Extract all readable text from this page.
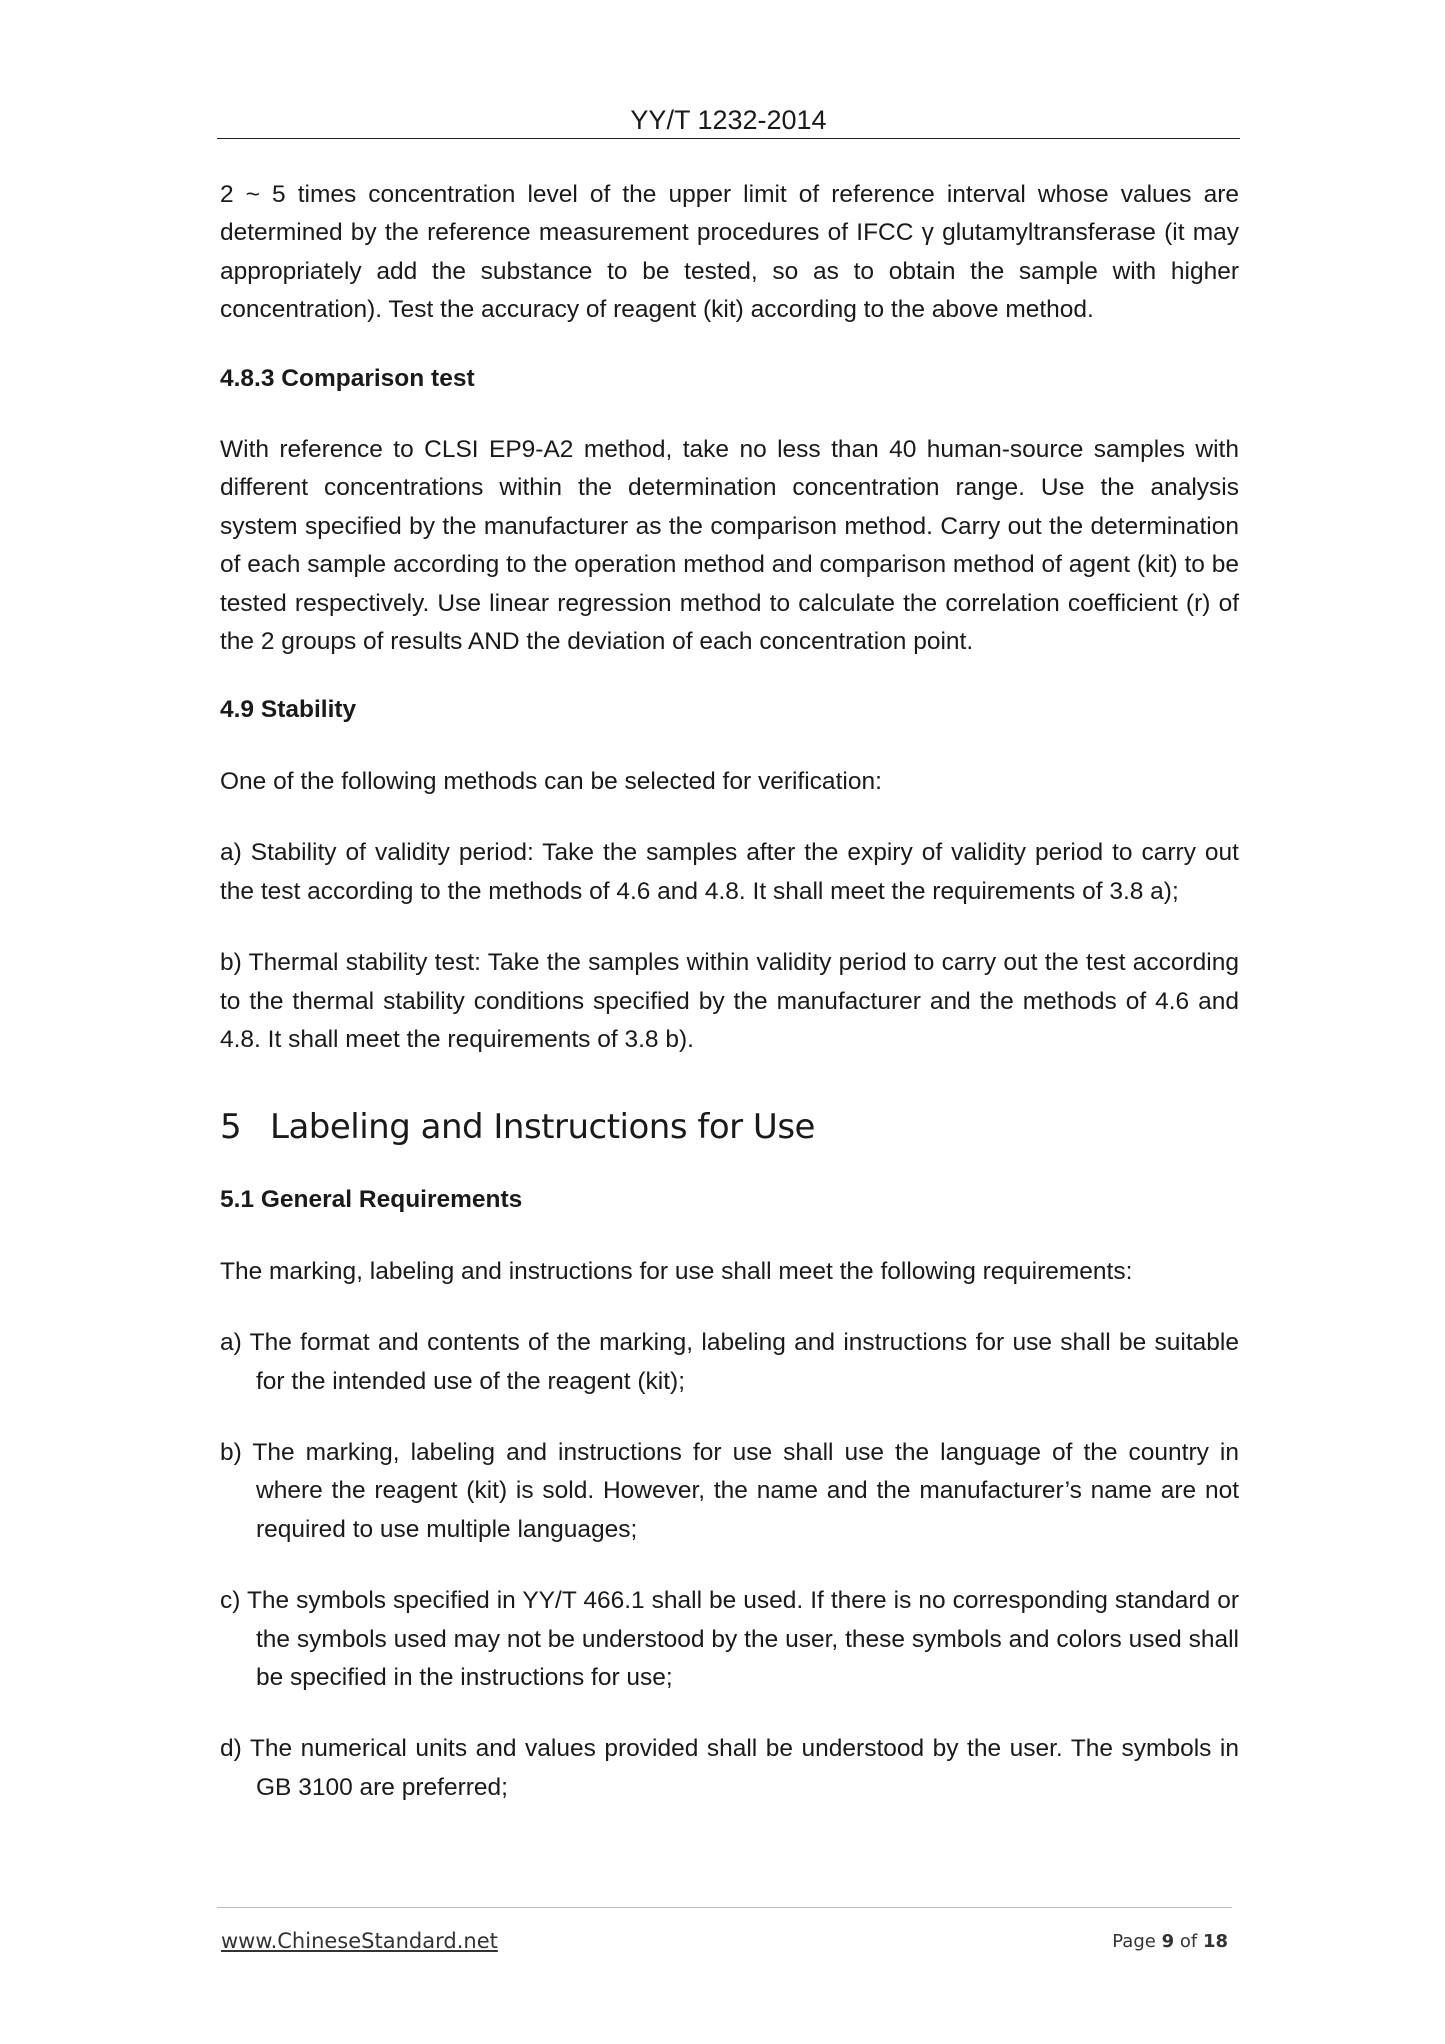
YY/T 1232-2014

2 ~ 5 times concentration level of the upper limit of reference interval whose values are determined by the reference measurement procedures of IFCC γ glutamyltransferase (it may appropriately add the substance to be tested, so as to obtain the sample with higher concentration). Test the accuracy of reagent (kit) according to the above method.

4.8.3 Comparison test

With reference to CLSI EP9-A2 method, take no less than 40 human-source samples with different concentrations within the determination concentration range. Use the analysis system specified by the manufacturer as the comparison method. Carry out the determination of each sample according to the operation method and comparison method of agent (kit) to be tested respectively. Use linear regression method to calculate the correlation coefficient (r) of the 2 groups of results AND the deviation of each concentration point.

4.9 Stability

One of the following methods can be selected for verification:

a) Stability of validity period: Take the samples after the expiry of validity period to carry out the test according to the methods of 4.6 and 4.8. It shall meet the requirements of 3.8 a);

b) Thermal stability test: Take the samples within validity period to carry out the test according to the thermal stability conditions specified by the manufacturer and the methods of 4.6 and 4.8. It shall meet the requirements of 3.8 b).

5 Labeling and Instructions for Use
5.1 General Requirements

The marking, labeling and instructions for use shall meet the following requirements:

a) The format and contents of the marking, labeling and instructions for use shall be suitable for the intended use of the reagent (kit);

b) The marking, labeling and instructions for use shall use the language of the country in where the reagent (kit) is sold. However, the name and the manufacturer’s name are not required to use multiple languages;

c) The symbols specified in YY/T 466.1 shall be used. If there is no corresponding standard or the symbols used may not be understood by the user, these symbols and colors used shall be specified in the instructions for use;

d) The numerical units and values provided shall be understood by the user. The symbols in GB 3100 are preferred;

www.ChineseStandard.net	Page 9 of 18
